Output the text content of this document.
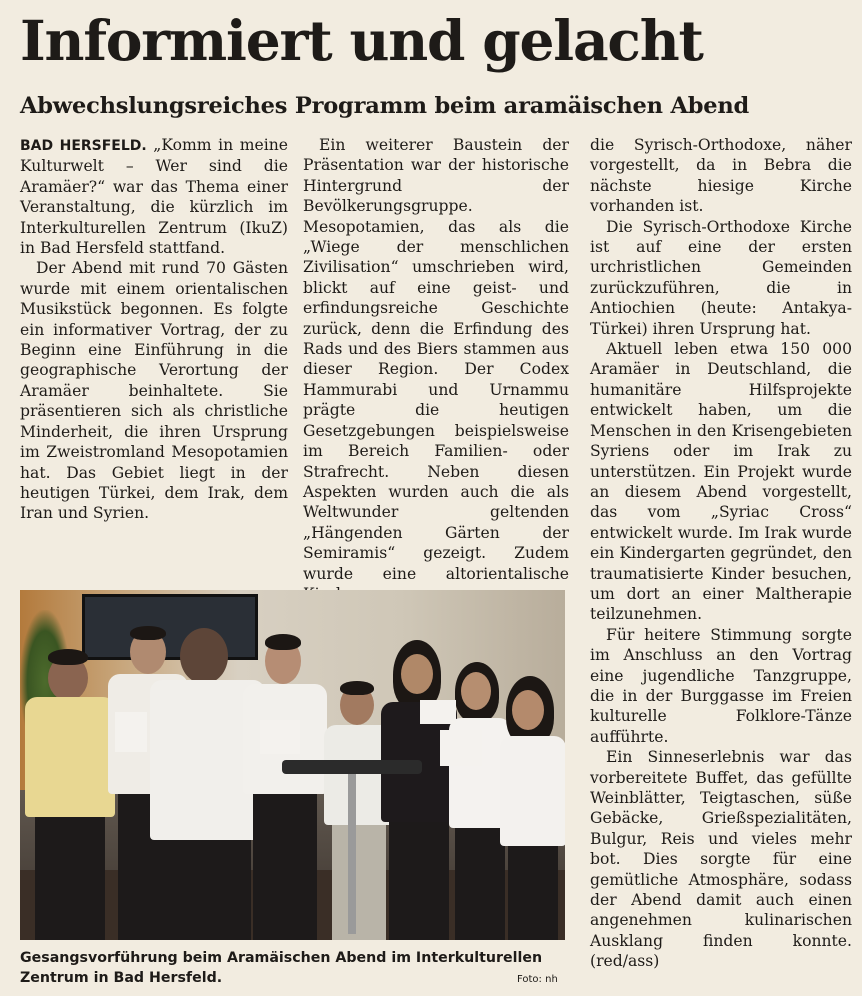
Informiert und gelacht
Abwechslungsreiches Programm beim aramäischen Abend

BAD HERSFELD. „Komm in meine Kulturwelt – Wer sind die Aramäer?“ war das Thema einer Veranstaltung, die kürzlich im Interkulturellen Zentrum (IkuZ) in Bad Hersfeld stattfand.

Der Abend mit rund 70 Gästen wurde mit einem orientalischen Musikstück begonnen. Es folgte ein informativer Vortrag, der zu Beginn eine Einführung in die geographische Verortung der Aramäer beinhaltete. Sie präsentieren sich als christliche Minderheit, die ihren Ursprung im Zweistromland Mesopotamien hat. Das Gebiet liegt in der heutigen Türkei, dem Irak, dem Iran und Syrien.

Ein weiterer Baustein der Präsentation war der historische Hintergrund der Bevölkerungsgruppe. Mesopotamien, das als die „Wiege der menschlichen Zivilisation“ umschrieben wird, blickt auf eine geist- und erfindungsreiche Geschichte zurück, denn die Erfindung des Rads und des Biers stammen aus dieser Region. Der Codex Hammurabi und Urnammu prägte die heutigen Gesetzgebungen beispielsweise im Bereich Familien- oder Strafrecht. Neben diesen Aspekten wurden auch die als Weltwunder geltenden „Hängenden Gärten der Semiramis“ gezeigt. Zudem wurde eine altorientalische

die Syrisch-Orthodoxe, näher vorgestellt, da in Bebra die nächste hiesige Kirche vorhanden ist.

Die Syrisch-Orthodoxe Kirche ist auf eine der ersten urchristlichen Gemeinden zurückzuführen, die in Antiochien (heute: Antakya-Türkei) ihren Ursprung hat.

Aktuell leben etwa 150 000 Aramäer in Deutschland, die humanitäre Hilfsprojekte entwickelt haben, um die Menschen in den Krisengebieten Syriens oder im Irak zu unterstützen. Ein Projekt wurde an diesem Abend vorgestellt, das vom „Syriac Cross“ entwickelt wurde. Im Irak wurde ein Kindergarten gegründet, den traumatisierte Kinder besuchen, um dort an einer Maltherapie teilzunehmen.

Für heitere Stimmung sorgte im Anschluss an den Vortrag eine jugendliche Tanzgruppe, die in der Burggasse im Freien kulturelle Folklore-Tänze aufführte.

Ein Sinneserlebnis war das vorbereitete Buffet, das gefüllte Weinblätter, Teigtaschen, süße Gebäcke, Grießspezialitäten, Bulgur, Reis und vieles mehr bot. Dies sorgte für eine gemütliche Atmosphäre, sodass der Abend damit auch einen angenehmen kulinarischen Ausklang finden konnte. (red/ass)

Gesangsvorführung beim Aramäischen Abend im Interkulturellen Zentrum in Bad Hersfeld.	Foto: nh
